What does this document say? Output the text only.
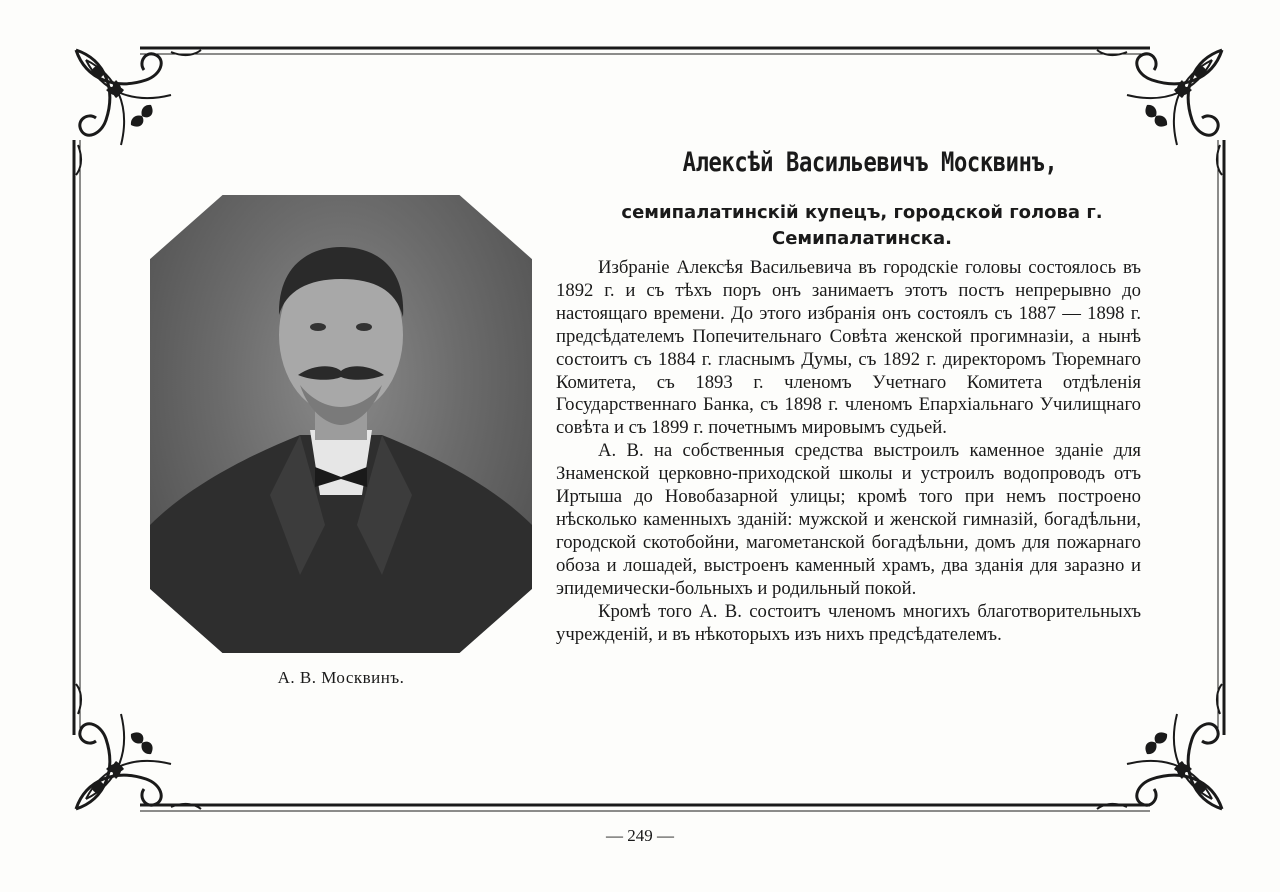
А. В. Москвинъ.
Алексѣй Васильевичъ Москвинъ,
семипалатинскій купецъ, городской голова г. Семипалатинска.

Избраніе Алексѣя Васильевича въ городскіе головы состоялось въ 1892 г. и съ тѣхъ поръ онъ занимаетъ этотъ постъ непрерывно до настоящаго времени. До этого избранія онъ состоялъ съ 1887 — 1898 г. предсѣдателемъ Попечительнаго Совѣта женской прогимназіи, а нынѣ состоитъ съ 1884 г. гласнымъ Думы, съ 1892 г. директоромъ Тюремнаго Комитета, съ 1893 г. членомъ Учетнаго Комитета отдѣленія Государственнаго Банка, съ 1898 г. членомъ Епархіальнаго Училищнаго совѣта и съ 1899 г. почетнымъ мировымъ судьей.

А. В. на собственныя средства выстроилъ каменное зданіе для Знаменской церковно-приходской школы и устроилъ водопроводъ отъ Иртыша до Новобазарной улицы; кромѣ того при немъ построено нѣсколько каменныхъ зданій: мужской и женской гимназій, богадѣльни, городской скотобойни, магометанской богадѣльни, домъ для пожарнаго обоза и лошадей, выстроенъ каменный храмъ, два зданія для заразно и эпидемически-больныхъ и родильный покой.

Кромѣ того А. В. состоитъ членомъ многихъ благотворительныхъ учрежденій, и въ нѣкоторыхъ изъ нихъ предсѣдателемъ.

— 249 —
